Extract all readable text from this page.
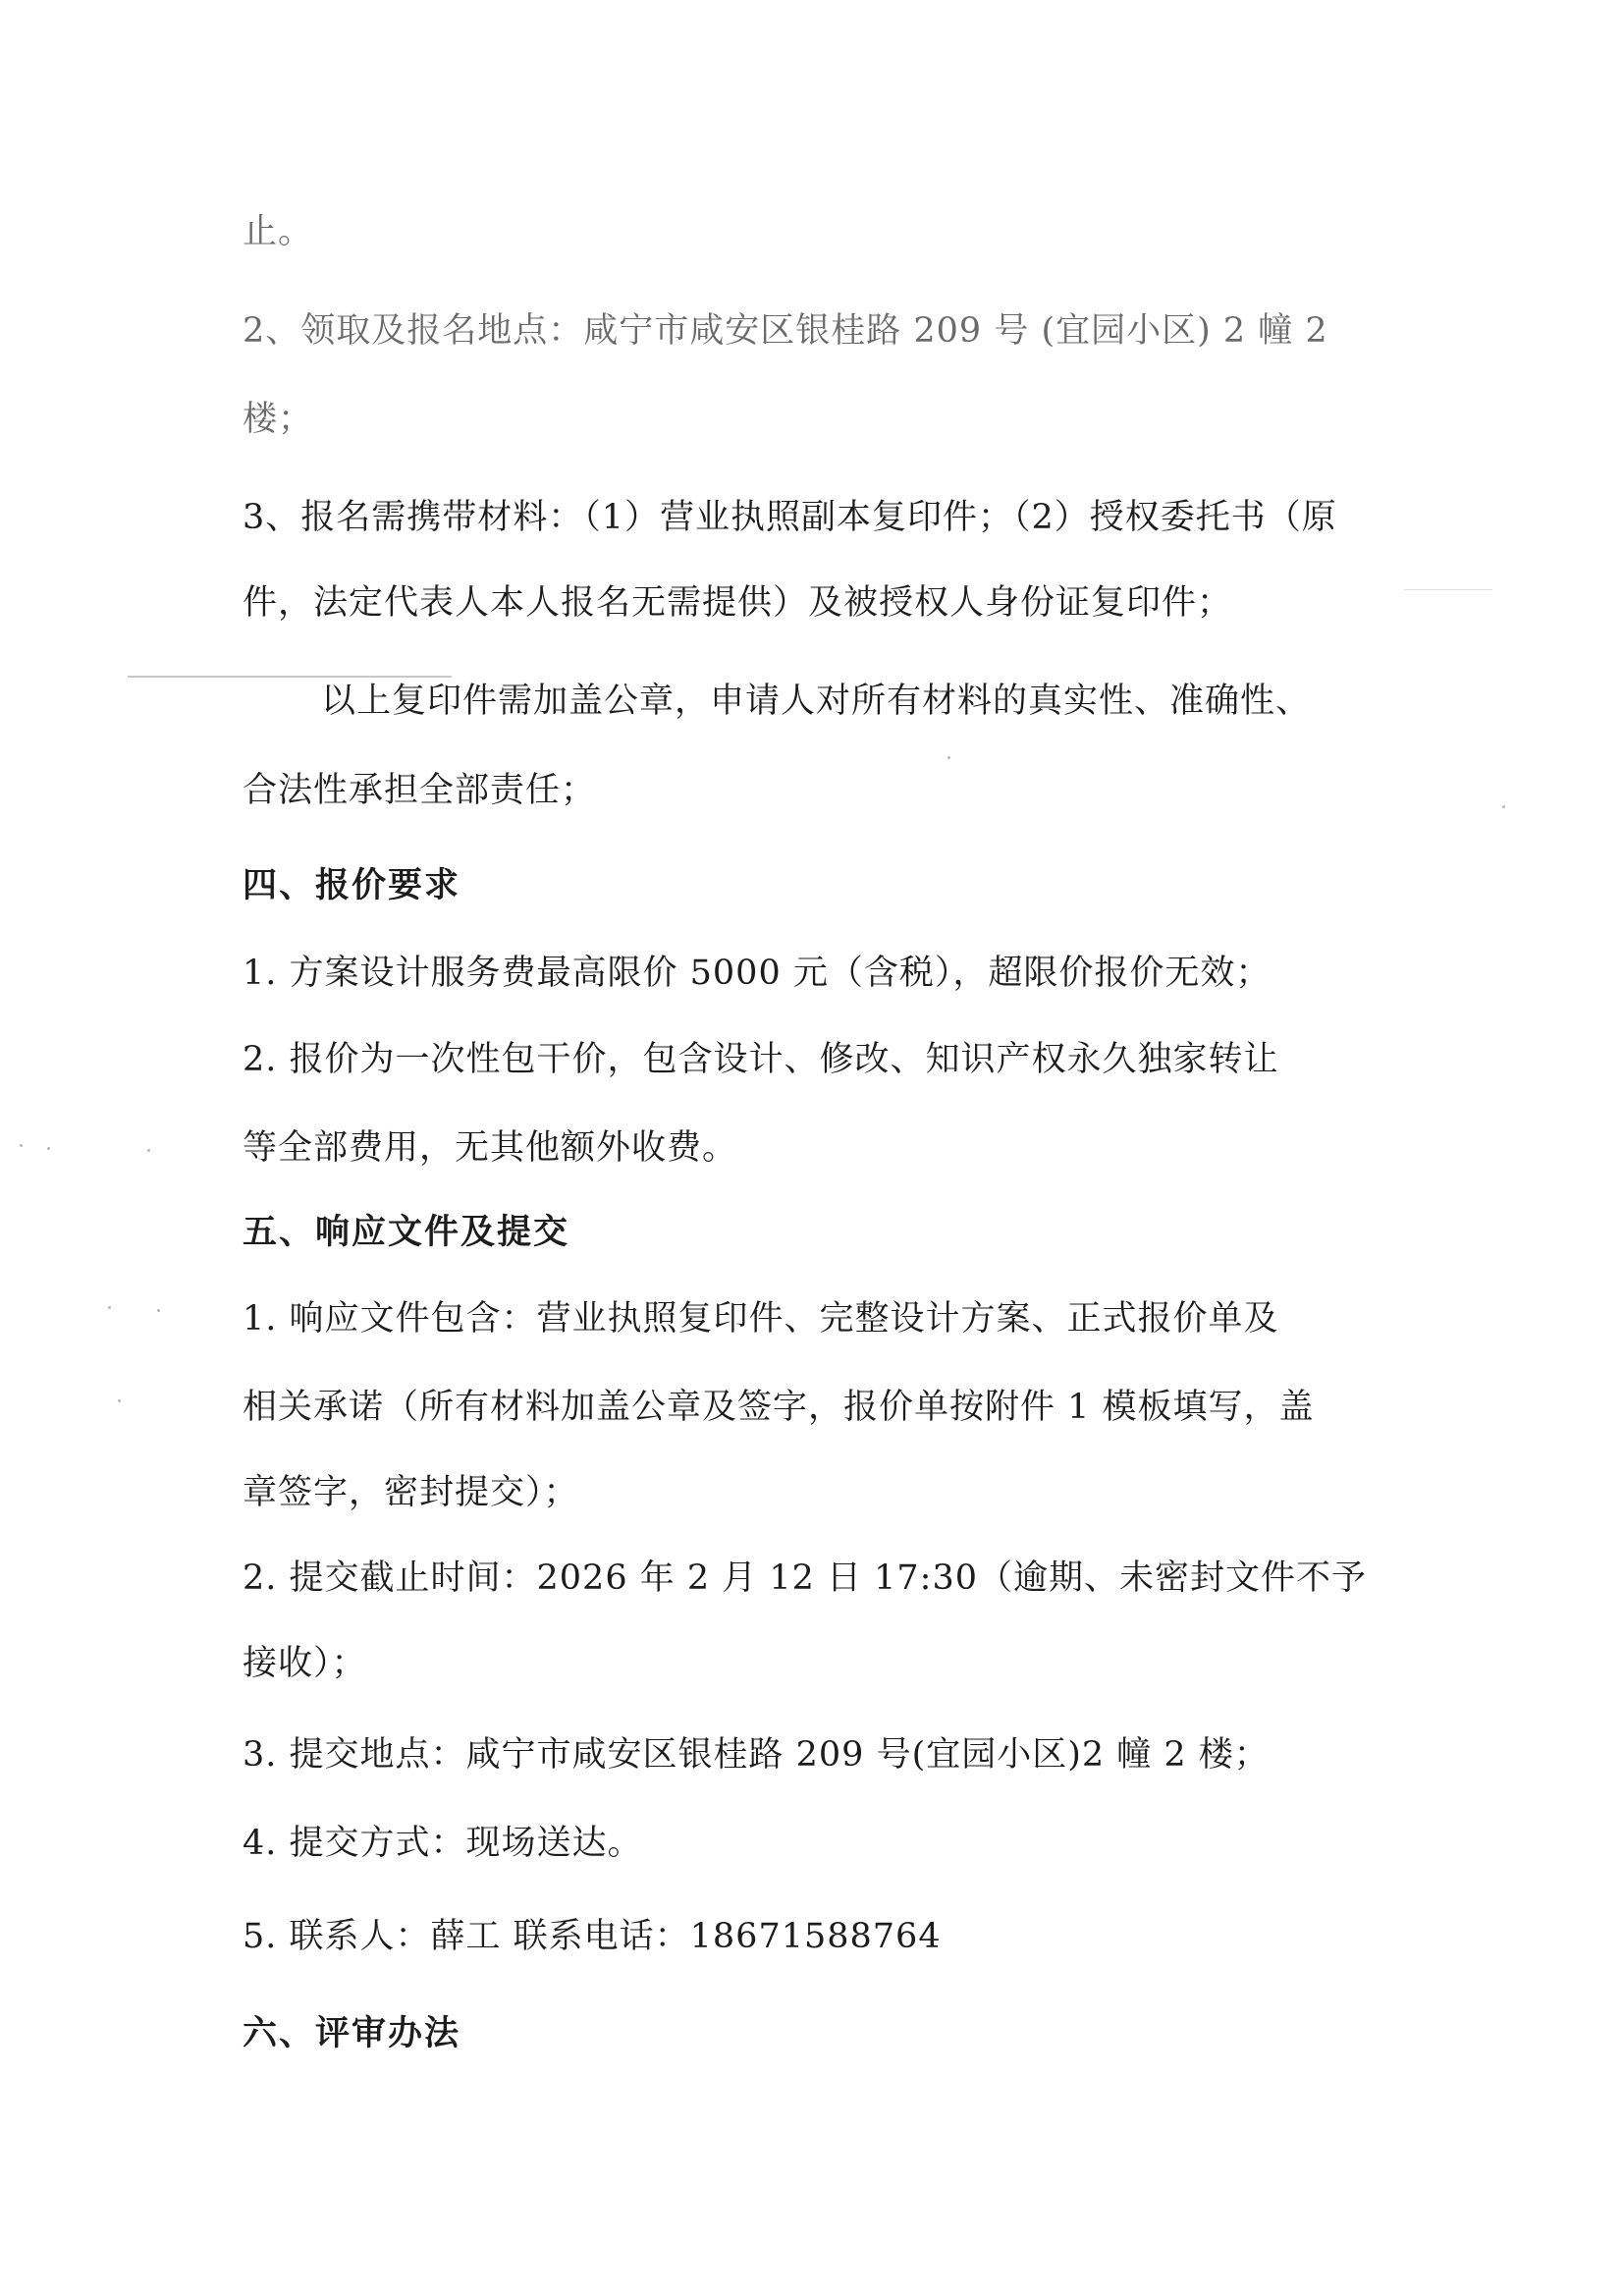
止。
2、领取及报名地点：咸宁市咸安区银桂路 209 号 (宜园小区) 2 幢 2
楼；
3、报名需携带材料：（1）营业执照副本复印件；（2）授权委托书（原
件，法定代表人本人报名无需提供）及被授权人身份证复印件；
以上复印件需加盖公章，申请人对所有材料的真实性、准确性、
合法性承担全部责任；
四、报价要求
1. 方案设计服务费最高限价 5000 元（含税），超限价报价无效；
2. 报价为一次性包干价，包含设计、修改、知识产权永久独家转让
等全部费用，无其他额外收费。
五、响应文件及提交
1. 响应文件包含：营业执照复印件、完整设计方案、正式报价单及
相关承诺（所有材料加盖公章及签字，报价单按附件 1 模板填写，盖
章签字，密封提交）；
2. 提交截止时间：2026 年 2 月 12 日 17:30（逾期、未密封文件不予
接收）；
3. 提交地点：咸宁市咸安区银桂路 209 号(宜园小区)2 幢 2 楼；
4. 提交方式：现场送达。
5. 联系人：薛工 联系电话：18671588764
六、评审办法
